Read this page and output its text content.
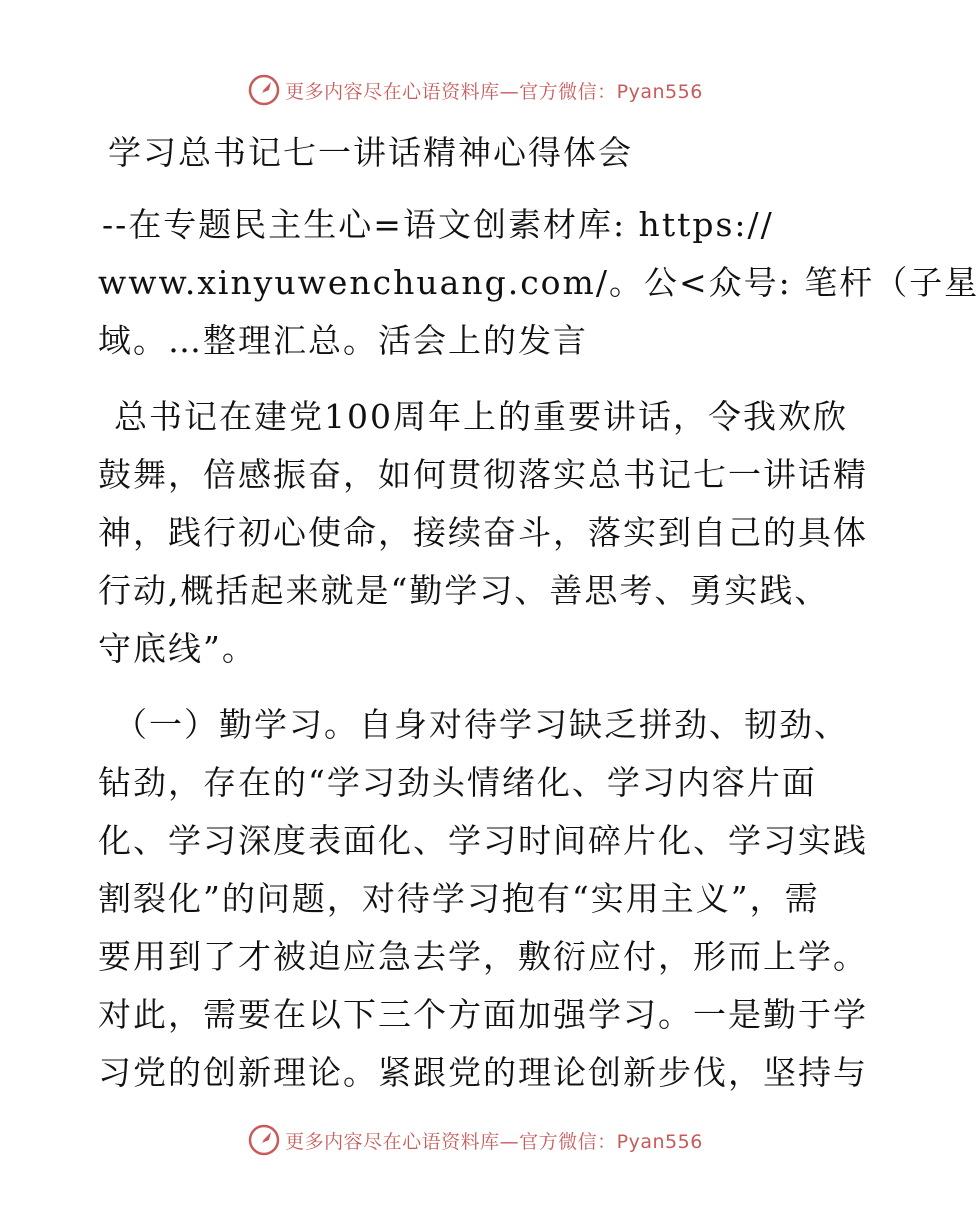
更多内容尽在心语资料库—官方微信：Pyan556
学习总书记七一讲话精神心得体会
--在专题民主生心=语文创素材库: https://
www.xinyuwenchuang.com/。公<众号: 笔杆（子星
域。…整理汇总。活会上的发言
总书记在建党100周年上的重要讲话，令我欢欣
鼓舞，倍感振奋，如何贯彻落实总书记七一讲话精
神，践行初心使命，接续奋斗，落实到自己的具体
行动,概括起来就是“勤学习、善思考、勇实践、
守底线”。
（一）勤学习。自身对待学习缺乏拼劲、韧劲、
钻劲，存在的“学习劲头情绪化、学习内容片面
化、学习深度表面化、学习时间碎片化、学习实践
割裂化”的问题，对待学习抱有“实用主义”，需
要用到了才被迫应急去学，敷衍应付，形而上学。
对此，需要在以下三个方面加强学习。一是勤于学
习党的创新理论。紧跟党的理论创新步伐，坚持与
更多内容尽在心语资料库—官方微信：Pyan556
